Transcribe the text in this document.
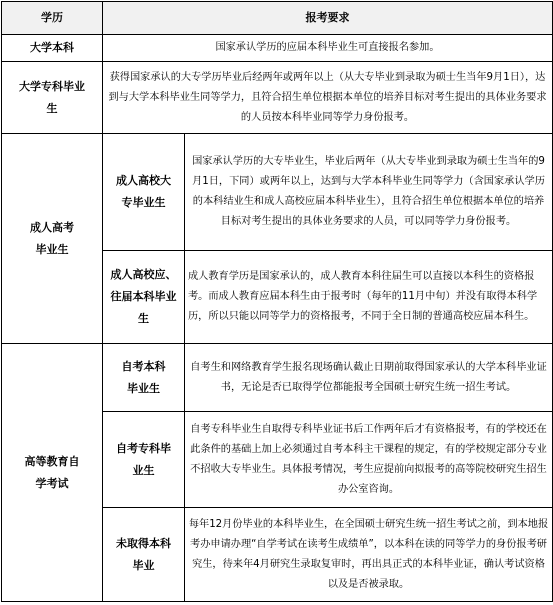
学历	报考要求	
大学本科	国家承认学历的应届本科毕业生可直接报名参加。	
大学专科毕业生	获得国家承认的大专学历毕业后经两年或两年以上（从大专毕业到录取为硕士生当年9月1日），达到与大学本科毕业生同等学力，且符合招生单位根据本单位的培养目标对考生提出的具体业务要求的人员按本科毕业同等学力身份报考。	
成人高考毕业生	成人高校大专毕业生	国家承认学历的大专毕业生，毕业后两年（从大专毕业到录取为硕士生当年的9月1日，下同）或两年以上，达到与大学本科毕业生同等学力（含国家承认学历的本科结业生和成人高校应届本科毕业生），且符合招生单位根据本单位的培养目标对考生提出的具体业务要求的人员，可以同等学力身份报考。
	成人高校应、往届本科毕业生	成人教育学历是国家承认的，成人教育本科往届生可以直接以本科生的资格报考。而成人教育应届本科生由于报考时（每年的11月中旬）并没有取得本科学历，所以只能以同等学力的资格报考，不同于全日制的普通高校应届本科生。
高等教育自学考试	自考本科毕业生	自考生和网络教育学生报名现场确认截止日期前取得国家承认的大学本科毕业证书，无论是否已取得学位都能报考全国硕士研究生统一招生考试。
	自考专科毕业生	自考专科毕业生自取得专科毕业证书后工作两年后才有资格报考，有的学校还在此条件的基础上加上必须通过自考本科主干课程的规定，有的学校规定部分专业不招收大专毕业生。具体报考情况，考生应提前向拟报考的高等院校研究生招生办公室咨询。
	未取得本科毕业	每年12月份毕业的本科毕业生，在全国硕士研究生统一招生考试之前，到本地报考办申请办理“自学考试在读考生成绩单”，以本科在读的同等学力的身份报考研究生，待来年4月研究生录取复审时，再出具正式的本科毕业证，确认考试资格以及是否被录取。
